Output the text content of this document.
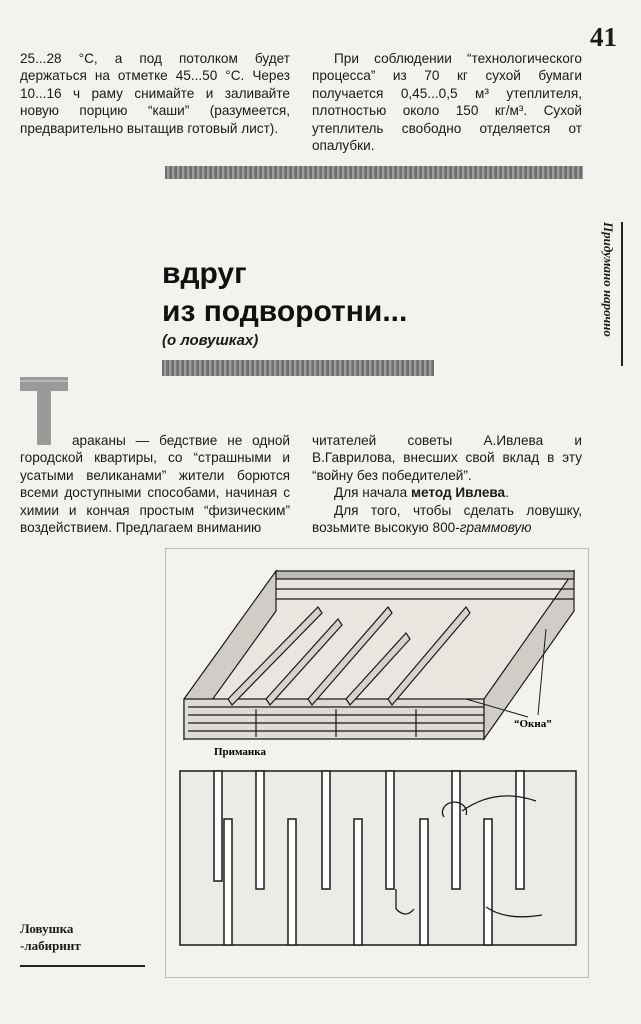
41

25...28 °С, а под потолком будет держаться на отметке 45...50 °С. Через 10...16 ч раму снимайте и заливайте новую порцию “каши” (разумеется, предварительно вытащив готовый лист).

При соблюдении “технологического процесса” из 70 кг сухой бумаги получается 0,45...0,5 м³ утеплителя, плотностью около 150 кг/м³. Сухой утеплитель свободно отделяется от опалубки.

Придумано нарочно
вдруг
из подворотни...
(о ловушках)

араканы — бедствие не одной городской квартиры, со “страшными и усатыми великанами” жители борются всеми доступными способами, начиная с химии и кончая простым “физическим” воздействием. Предлагаем вниманию

читателей советы А.Ивлева и В.Гаврилова, внесших свой вклад в эту “войну без победителей”.

Для начала метод Ивлева.

Для того, чтобы сделать ловушку, возьмите высокую 800-граммовую

“Окна”
Приманка
Ловушка
-лабиринт
